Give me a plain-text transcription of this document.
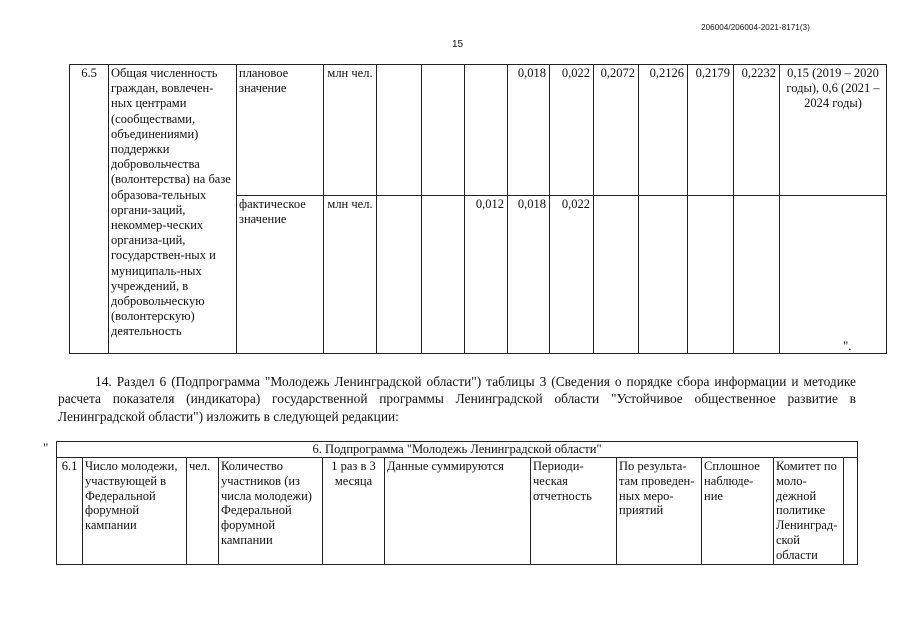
206004/206004-2021-8171(3)
15
6.5	Общая численность граждан, вовлечен-ных центрами (сообществами, объединениями) поддержки добровольчества (волонтерства) на базе образова-тельных органи-заций, некоммер-ческих организа-ций, государствен-ных и муниципаль-ных учреждений, в добровольческую (волонтерскую) деятельность	плановое значение	млн чел.				0,018	0,022	0,2072	0,2126	0,2179	0,2232	0,15 (2019 – 2020 годы), 0,6 (2021 – 2024 годы)
		фактическое значение	млн чел.			0,012	0,018	0,022					
".
14. Раздел 6 (Подпрограмма "Молодежь Ленинградской области") таблицы 3 (Сведения о порядке сбора информации и методике расчета показателя (индикатора) государственной программы Ленинградской области "Устойчивое общественное развитие в Ленинградской области") изложить в следующей редакции:
"	6. Подпрограмма "Молодежь Ленинградской области"
6.1	Число молодежи, участвующей в Федеральной форумной кампании	чел.	Количество участников (из числа молодежи) Федеральной форумной кампании	1 раз в 3 месяца	Данные суммируются	Периоди-ческая отчетность	По результа-там проведен-ных меро-приятий	Сплошное наблюде-ние	Комитет по моло-дежной политике Ленинград-ской области	
